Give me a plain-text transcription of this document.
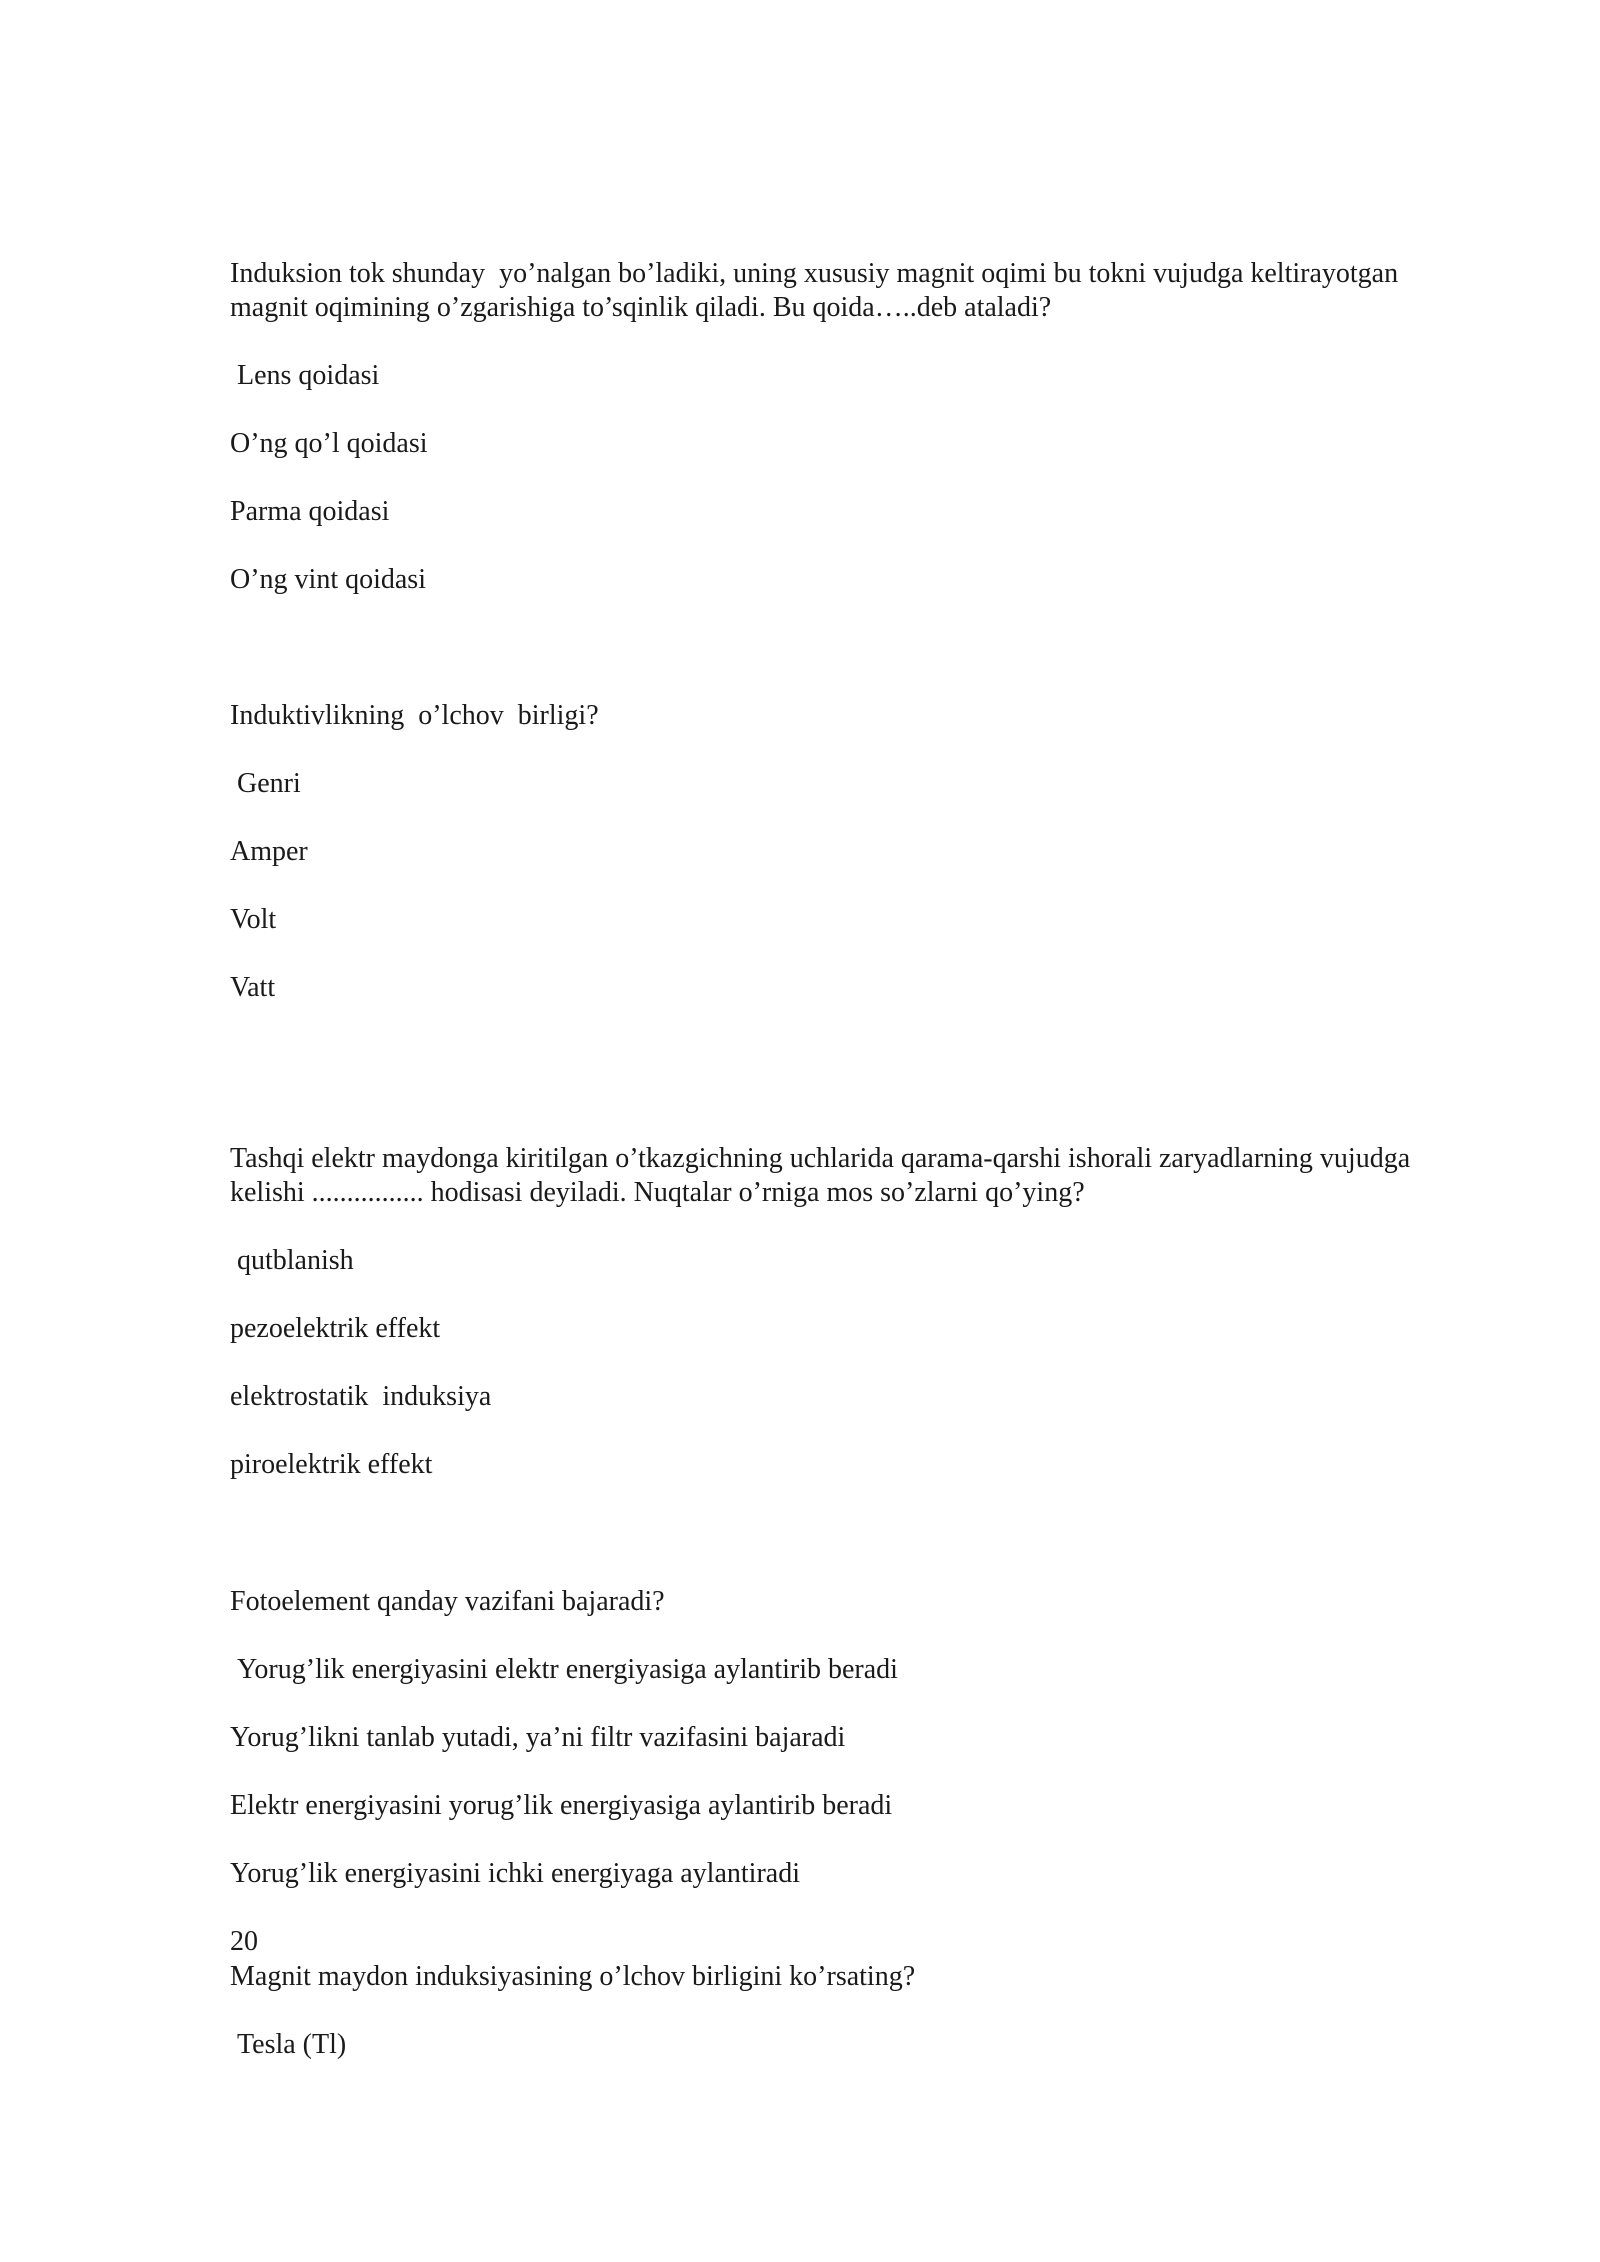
Induksion tok shunday  yo’nalgan bo’ladiki, uning xususiy magnit oqimi bu tokni vujudga keltirayotgan
magnit oqimining o’zgarishiga to’sqinlik qiladi. Bu qoida…..deb ataladi?
Lens qoidasi
O’ng qo’l qoidasi
Parma qoidasi
O’ng vint qoidasi
Induktivlikning  o’lchov  birligi?
Genri
Amper
Volt
Vatt
Tashqi elektr maydonga kiritilgan o’tkazgichning uchlarida qarama-qarshi ishorali zaryadlarning vujudga
kelishi ................ hodisasi deyiladi. Nuqtalar o’rniga mos so’zlarni qo’ying?
qutblanish
pezoelektrik effekt
elektrostatik  induksiya
piroelektrik effekt
Fotoelement qanday vazifani bajaradi?
Yorug’lik energiyasini elektr energiyasiga aylantirib beradi
Yorug’likni tanlab yutadi, ya’ni filtr vazifasini bajaradi
Elektr energiyasini yorug’lik energiyasiga aylantirib beradi
Yorug’lik energiyasini ichki energiyaga aylantiradi
20
Magnit maydon induksiyasining o’lchov birligini ko’rsating?
Tesla (Tl)
